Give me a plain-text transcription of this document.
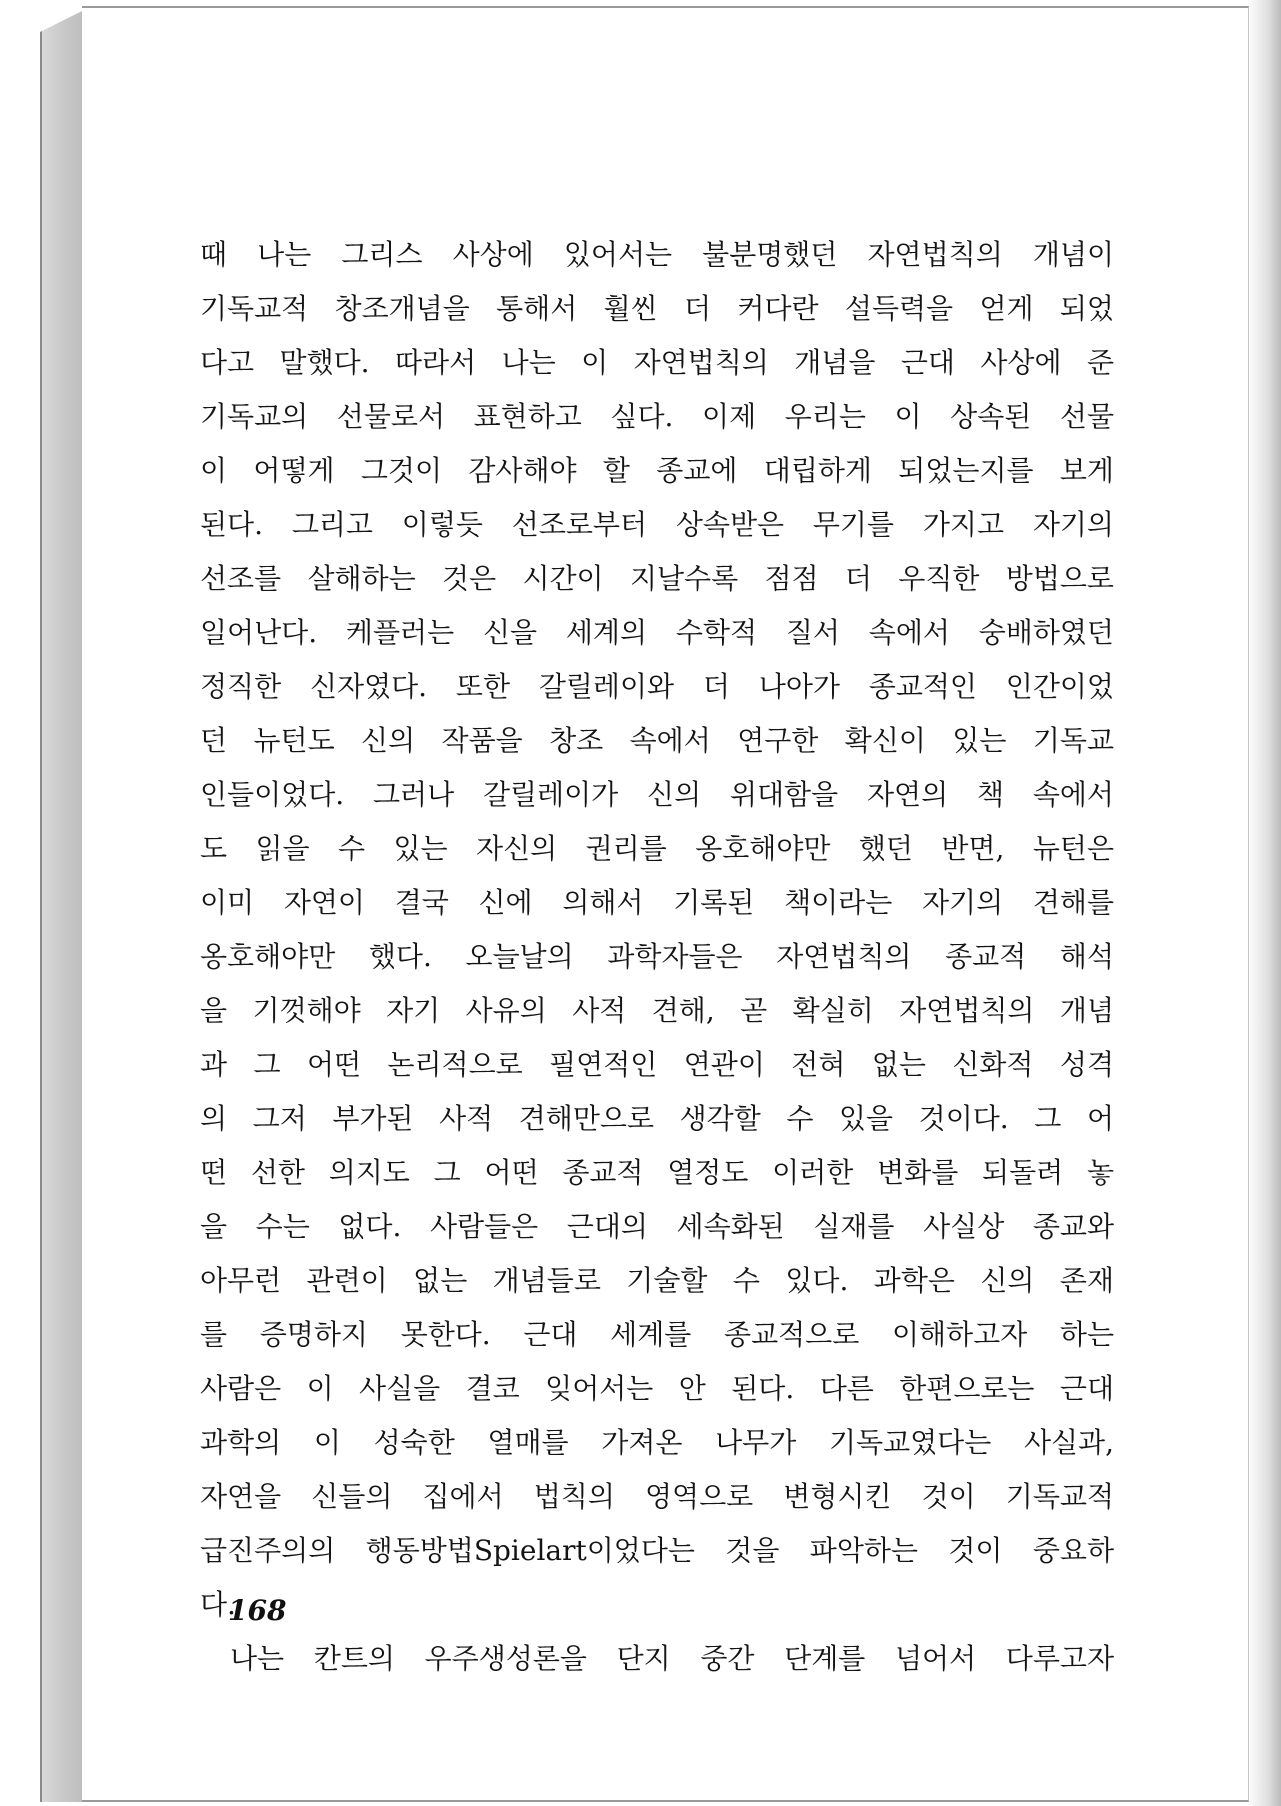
때 나는 그리스 사상에 있어서는 불분명했던 자연법칙의 개념이
기독교적 창조개념을 통해서 훨씬 더 커다란 설득력을 얻게 되었
다고 말했다. 따라서 나는 이 자연법칙의 개념을 근대 사상에 준
기독교의 선물로서 표현하고 싶다. 이제 우리는 이 상속된 선물
이 어떻게 그것이 감사해야 할 종교에 대립하게 되었는지를 보게
된다. 그리고 이렇듯 선조로부터 상속받은 무기를 가지고 자기의
선조를 살해하는 것은 시간이 지날수록 점점 더 우직한 방법으로
일어난다. 케플러는 신을 세계의 수학적 질서 속에서 숭배하였던
정직한 신자였다. 또한 갈릴레이와 더 나아가 종교적인 인간이었
던 뉴턴도 신의 작품을 창조 속에서 연구한 확신이 있는 기독교
인들이었다. 그러나 갈릴레이가 신의 위대함을 자연의 책 속에서
도 읽을 수 있는 자신의 권리를 옹호해야만 했던 반면, 뉴턴은
이미 자연이 결국 신에 의해서 기록된 책이라는 자기의 견해를
옹호해야만 했다. 오늘날의 과학자들은 자연법칙의 종교적 해석
을 기껏해야 자기 사유의 사적 견해, 곧 확실히 자연법칙의 개념
과 그 어떤 논리적으로 필연적인 연관이 전혀 없는 신화적 성격
의 그저 부가된 사적 견해만으로 생각할 수 있을 것이다. 그 어
떤 선한 의지도 그 어떤 종교적 열정도 이러한 변화를 되돌려 놓
을 수는 없다. 사람들은 근대의 세속화된 실재를 사실상 종교와
아무런 관련이 없는 개념들로 기술할 수 있다. 과학은 신의 존재
를 증명하지 못한다. 근대 세계를 종교적으로 이해하고자 하는
사람은 이 사실을 결코 잊어서는 안 된다. 다른 한편으로는 근대
과학의 이 성숙한 열매를 가져온 나무가 기독교였다는 사실과,
자연을 신들의 집에서 법칙의 영역으로 변형시킨 것이 기독교적
급진주의의 행동방법Spielart이었다는 것을 파악하는 것이 중요하
다.
나는 칸트의 우주생성론을 단지 중간 단계를 넘어서 다루고자
168
